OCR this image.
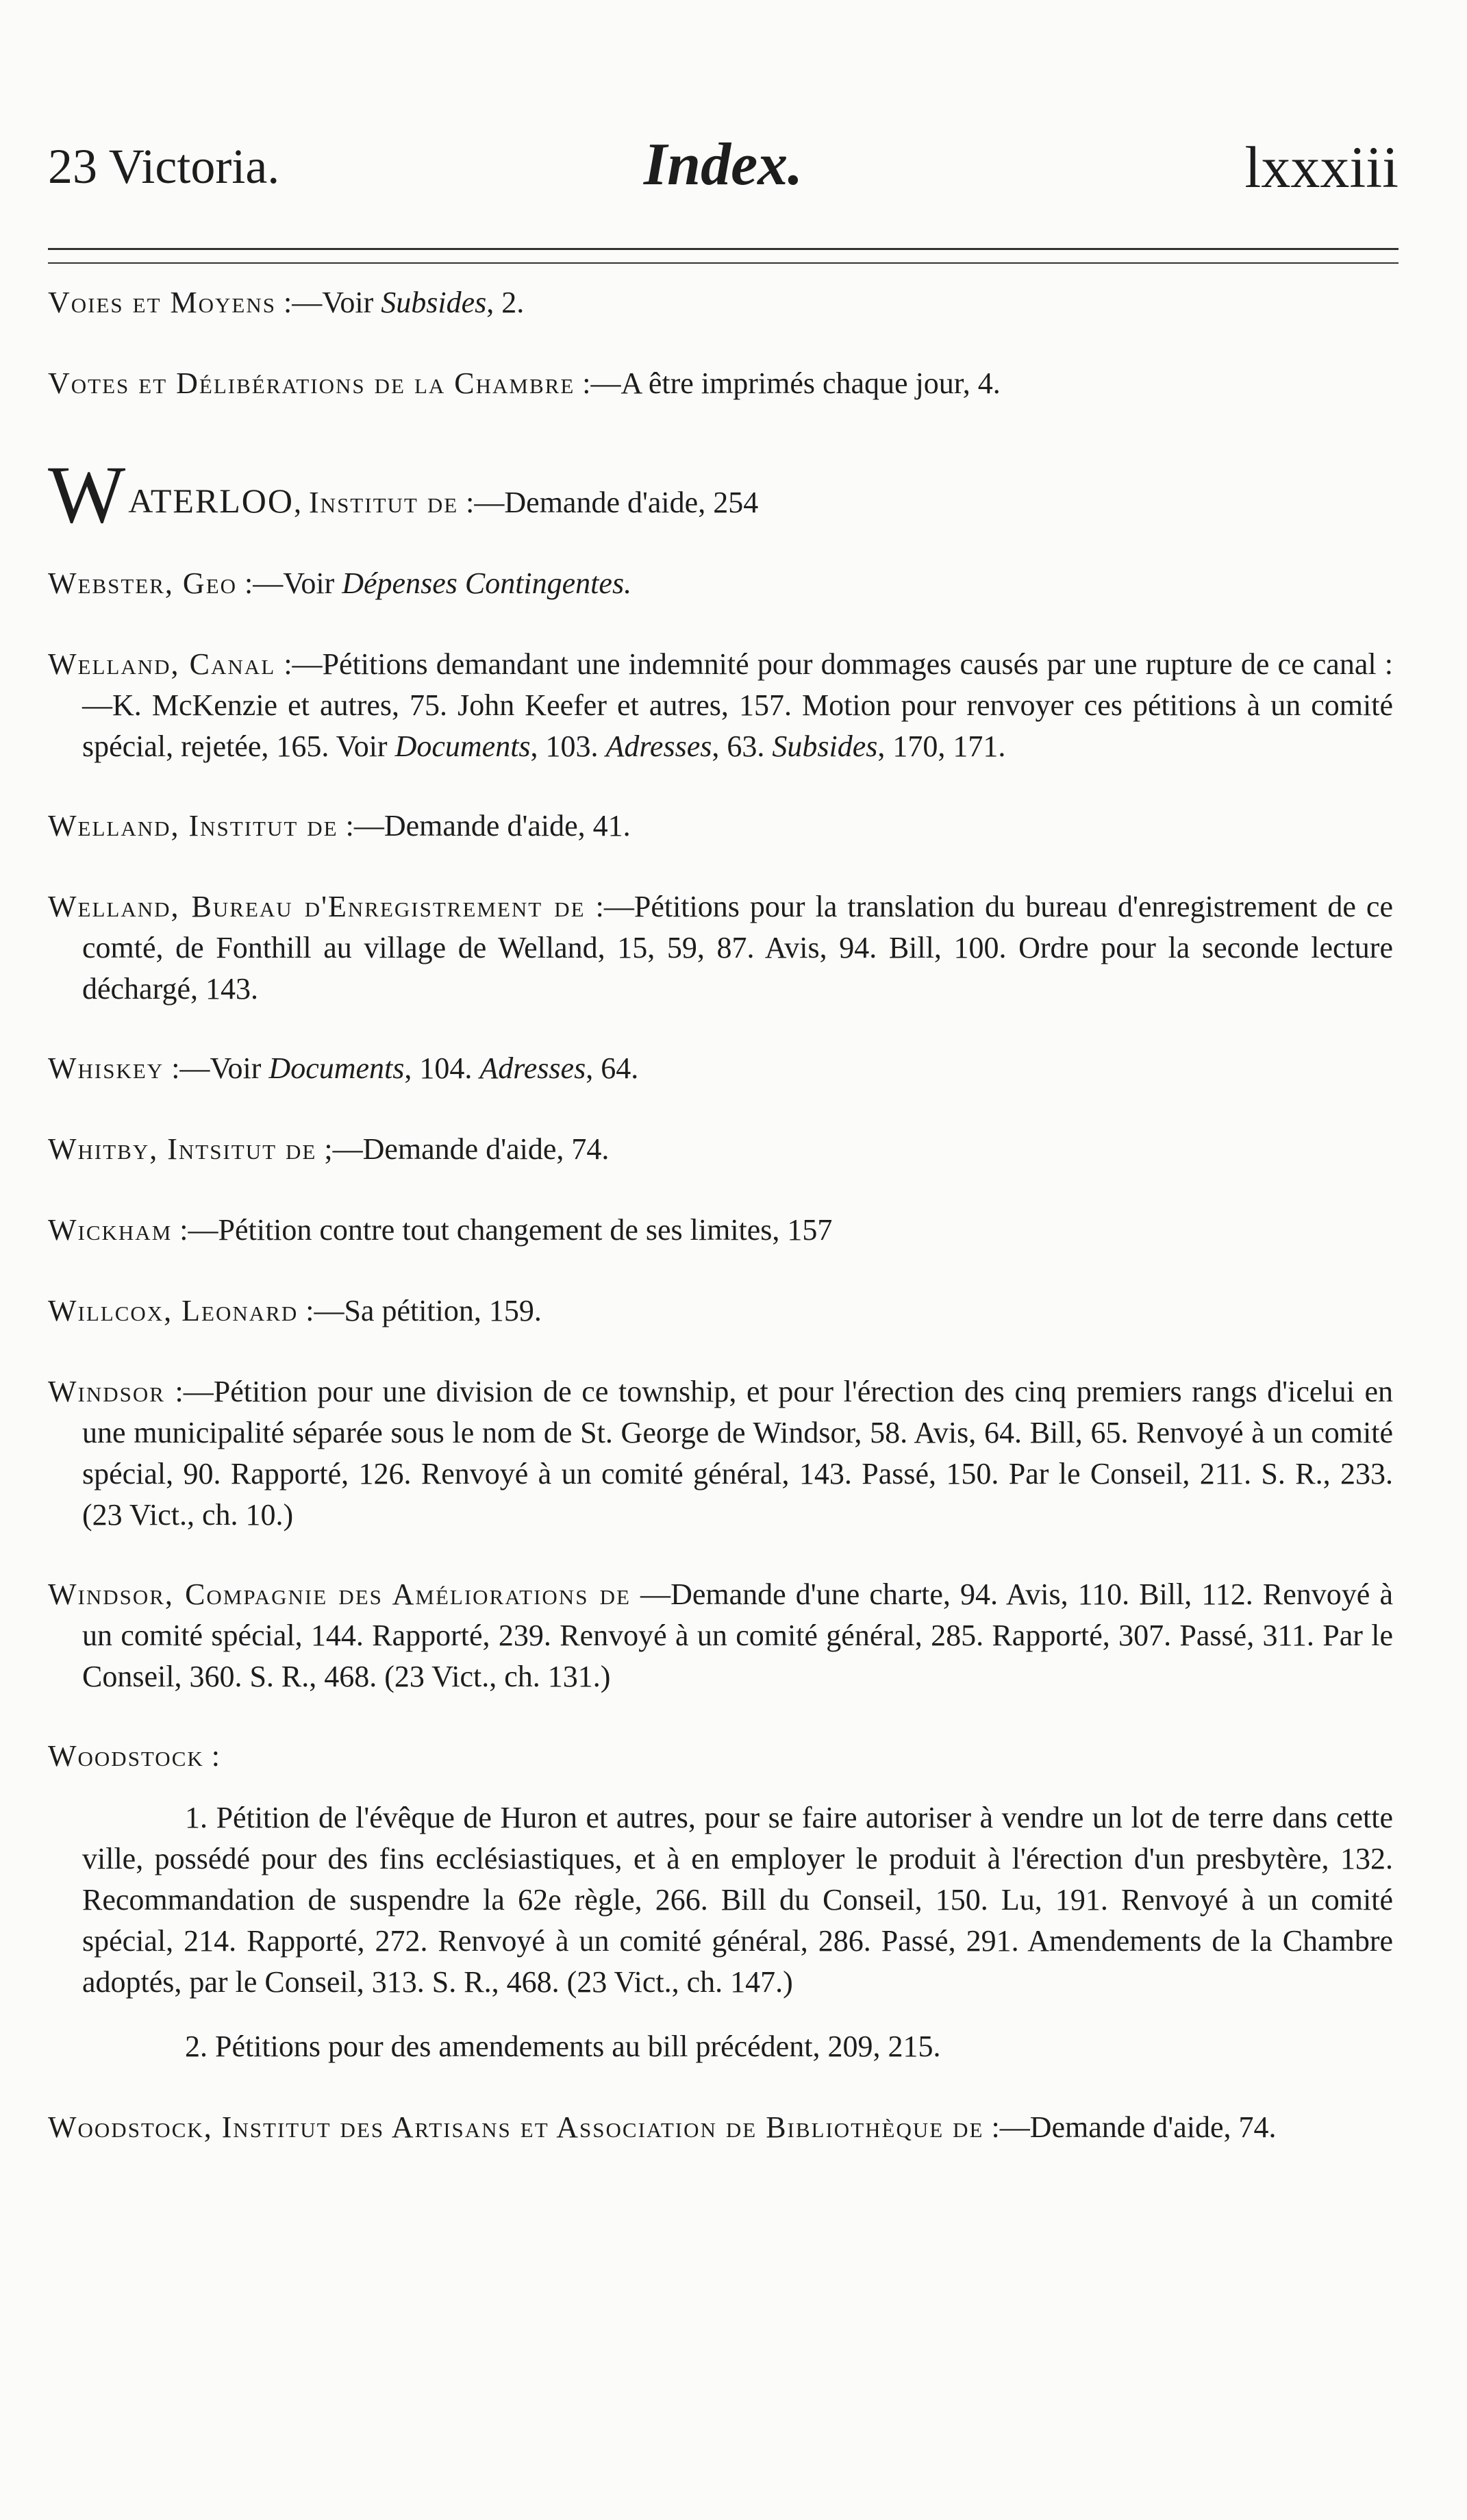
23 Victoria.	Index.	lxxxiii

Voies et Moyens :—Voir Subsides, 2.

Votes et Délibérations de la Chambre :—A être imprimés chaque jour, 4.

WATERLOO, Institut de :—Demande d'aide, 254

Webster, Geo :—Voir Dépenses Contingentes.

Welland, Canal :—Pétitions demandant une indemnité pour dommages causés par une rupture de ce canal :—K. McKenzie et autres, 75. John Keefer et autres, 157. Motion pour renvoyer ces pétitions à un comité spécial, rejetée, 165. Voir Documents, 103. Adresses, 63. Subsides, 170, 171.

Welland, Institut de :—Demande d'aide, 41.

Welland, Bureau d'Enregistrement de :—Pétitions pour la translation du bureau d'enregistrement de ce comté, de Fonthill au village de Welland, 15, 59, 87. Avis, 94. Bill, 100. Ordre pour la seconde lecture déchargé, 143.

Whiskey :—Voir Documents, 104. Adresses, 64.

Whitby, Intsitut de ;—Demande d'aide, 74.

Wickham :—Pétition contre tout changement de ses limites, 157

Willcox, Leonard :—Sa pétition, 159.

Windsor :—Pétition pour une division de ce township, et pour l'érection des cinq premiers rangs d'icelui en une municipalité séparée sous le nom de St. George de Windsor, 58. Avis, 64. Bill, 65. Renvoyé à un comité spécial, 90. Rapporté, 126. Renvoyé à un comité général, 143. Passé, 150. Par le Conseil, 211. S. R., 233. (23 Vict., ch. 10.)

Windsor, Compagnie des Améliorations de —Demande d'une charte, 94. Avis, 110. Bill, 112. Renvoyé à un comité spécial, 144. Rapporté, 239. Renvoyé à un comité général, 285. Rapporté, 307. Passé, 311. Par le Conseil, 360. S. R., 468. (23 Vict., ch. 131.)

Woodstock :

1. Pétition de l'évêque de Huron et autres, pour se faire autoriser à vendre un lot de terre dans cette ville, possédé pour des fins ecclésiastiques, et à en employer le produit à l'érection d'un presbytère, 132. Recommandation de suspendre la 62e règle, 266. Bill du Conseil, 150. Lu, 191. Renvoyé à un comité spécial, 214. Rapporté, 272. Renvoyé à un comité général, 286. Passé, 291. Amendements de la Chambre adoptés, par le Conseil, 313. S. R., 468. (23 Vict., ch. 147.)

2. Pétitions pour des amendements au bill précédent, 209, 215.

Woodstock, Institut des Artisans et Association de Bibliothèque de :—Demande d'aide, 74.
